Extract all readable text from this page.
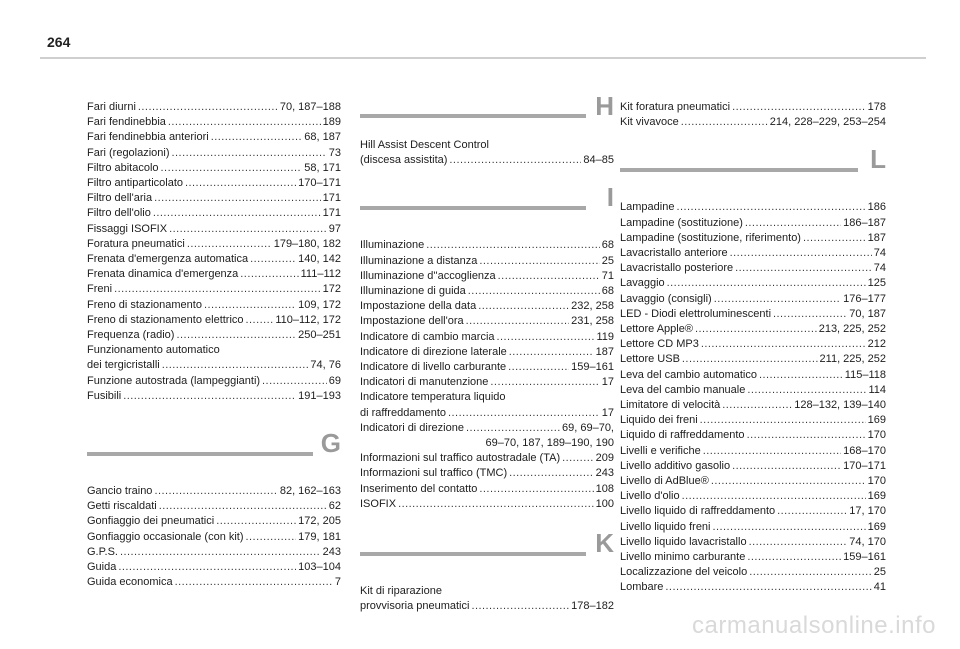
264
Fari diurni . . .	70, 187–188
Fari fendinebbia . . .	189
Fari fendinebbia anteriori . . .	68, 187
Fari (regolazioni) . . .	73
Filtro abitacolo . . .	58, 171
Filtro antiparticolato . . .	170–171
Filtro dell'aria . . .	171
Filtro dell'olio . . .	171
Fissaggi ISOFIX . . .	97
Foratura pneumatici . . .	179–180, 182
Frenata d'emergenza automatica . . .	140, 142
Frenata dinamica d'emergenza . . .	111–112
Freni . . .	172
Freno di stazionamento . . .	109, 172
Freno di stazionamento elettrico . . .	110–112, 172
Frequenza (radio) . . .	250–251
Funzionamento automatico
dei tergicristalli . . .	74, 76
Funzione autostrada (lampeggianti) . . .	69
Fusibili . . .	191–193
G
Gancio traino . . .	82, 162–163
Getti riscaldati . . .	62
Gonfiaggio dei pneumatici . . .	172, 205
Gonfiaggio occasionale (con kit) . . .	179, 181
G.P.S. . . .	243
Guida . . .	103–104
Guida economica . . .	7
H
Hill Assist Descent Control
(discesa assistita) . . .	84–85
I
Illuminazione . . .	68
Illuminazione a distanza . . .	25
Illuminazione d''accoglienza . . .	71
Illuminazione di guida . . .	68
Impostazione della data . . .	232, 258
Impostazione dell'ora . . .	231, 258
Indicatore di cambio marcia . . .	119
Indicatore di direzione laterale . . .	187
Indicatore di livello carburante . . .	159–161
Indicatori di manutenzione . . .	17
Indicatore temperatura liquido
di raffreddamento . . .	17
Indicatori di direzione . . .	69, 69–70,
69–70, 187, 189–190, 190
Informazioni sul traffico autostradale (TA) . . .	209
Informazioni sul traffico (TMC) . . .	243
Inserimento del contatto . . .	108
ISOFIX . . .	100
K
Kit di riparazione
provvisoria pneumatici . . .	178–182
Kit foratura pneumatici . . .	178
Kit vivavoce . . .	214, 228–229, 253–254
L
Lampadine . . .	186
Lampadine (sostituzione) . . .	186–187
Lampadine (sostituzione, riferimento) . . .	187
Lavacristallo anteriore . . .	74
Lavacristallo posteriore . . .	74
Lavaggio . . .	125
Lavaggio (consigli) . . .	176–177
LED - Diodi elettroluminescenti . . .	70, 187
Lettore Apple® . . .	213, 225, 252
Lettore CD MP3 . . .	212
Lettore USB . . .	211, 225, 252
Leva del cambio automatico . . .	115–118
Leva del cambio manuale . . .	114
Limitatore di velocità . . .	128–132, 139–140
Liquido dei freni . . .	169
Liquido di raffreddamento . . .	170
Livelli e verifiche . . .	168–170
Livello additivo gasolio . . .	170–171
Livello di AdBlue® . . .	170
Livello d'olio . . .	169
Livello liquido di raffreddamento . . .	17, 170
Livello liquido freni . . .	169
Livello liquido lavacristallo . . .	74, 170
Livello minimo carburante . . .	159–161
Localizzazione del veicolo . . .	25
Lombare . . .	41
carmanualsonline.info
